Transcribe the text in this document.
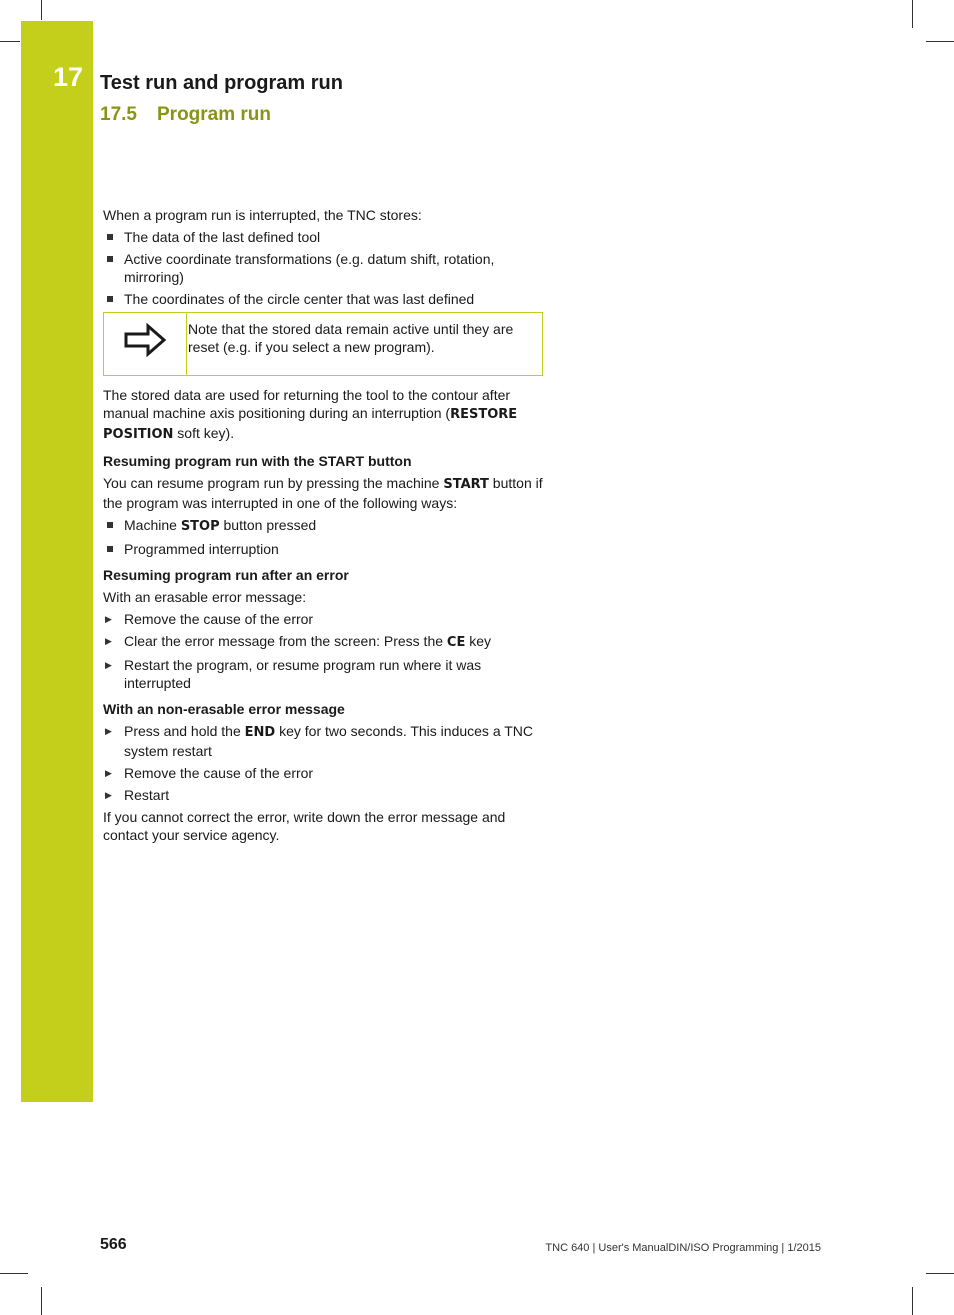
17 Test run and program run
17.5 Program run

When a program run is interrupted, the TNC stores:

The data of the last defined tool
Active coordinate transformations (e.g. datum shift, rotation, mirroring)
The coordinates of the circle center that was last defined
Note that the stored data remain active until they are reset (e.g. if you select a new program).

The stored data are used for returning the tool to the contour after manual machine axis positioning during an interruption (RESTORE POSITION soft key).

Resuming program run with the START button

You can resume program run by pressing the machine START button if the program was interrupted in one of the following ways:

Machine STOP button pressed
Programmed interruption
Resuming program run after an error

With an erasable error message:

▶ Remove the cause of the error
▶ Clear the error message from the screen: Press the CE key
▶ Restart the program, or resume program run where it was interrupted
With an non-erasable error message
▶ Press and hold the END key for two seconds. This induces a TNC system restart
▶ Remove the cause of the error
▶ Restart

If you cannot correct the error, write down the error message and contact your service agency.

566	TNC 640 | User's ManualDIN/ISO Programming | 1/2015
